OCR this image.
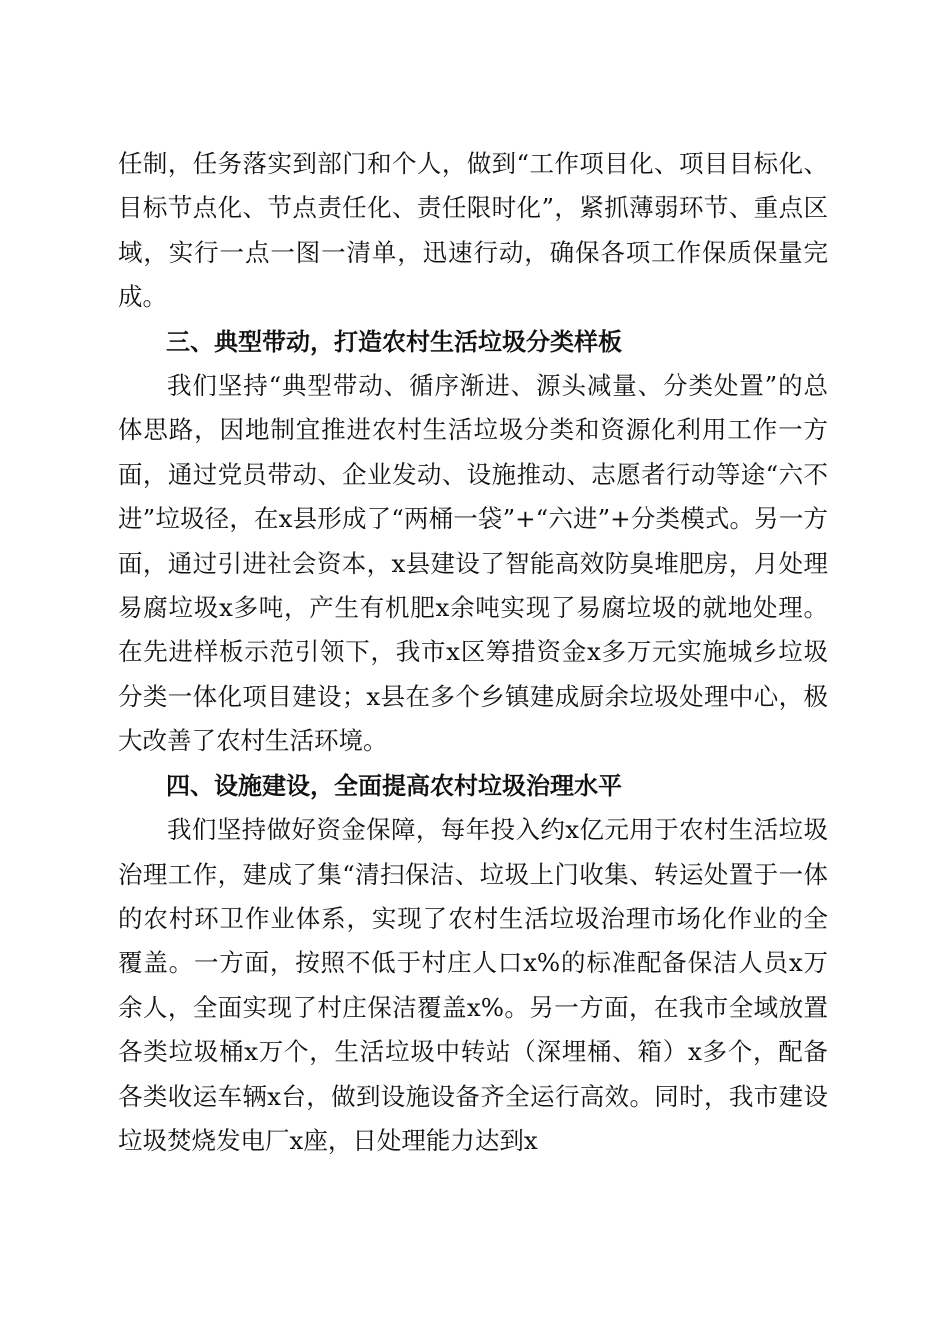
任制，任务落实到部门和个人，做到“工作项目化、项目目标化、目标节点化、节点责任化、责任限时化”，紧抓薄弱环节、重点区域，实行一点一图一清单，迅速行动，确保各项工作保质保量完成。

三、典型带动，打造农村生活垃圾分类样板

我们坚持“典型带动、循序渐进、源头减量、分类处置”的总体思路，因地制宜推进农村生活垃圾分类和资源化利用工作一方面，通过党员带动、企业发动、设施推动、志愿者行动等途“六不进”垃圾径，在x县形成了“两桶一袋”+“六进”+分类模式。另一方面，通过引进社会资本，x县建设了智能高效防臭堆肥房，月处理易腐垃圾x多吨，产生有机肥x余吨实现了易腐垃圾的就地处理。在先进样板示范引领下，我市x区筹措资金x多万元实施城乡垃圾分类一体化项目建设；x县在多个乡镇建成厨余垃圾处理中心，极大改善了农村生活环境。

四、设施建设，全面提高农村垃圾治理水平

我们坚持做好资金保障，每年投入约x亿元用于农村生活垃圾治理工作，建成了集“清扫保洁、垃圾上门收集、转运处置于一体的农村环卫作业体系，实现了农村生活垃圾治理市场化作业的全覆盖。一方面，按照不低于村庄人口x%的标准配备保洁人员x万余人，全面实现了村庄保洁覆盖x%。另一方面，在我市全域放置各类垃圾桶x万个，生活垃圾中转站（深埋桶、箱）x多个，配备各类收运车辆x台，做到设施设备齐全运行高效。同时，我市建设垃圾焚烧发电厂x座，日处理能力达到x
